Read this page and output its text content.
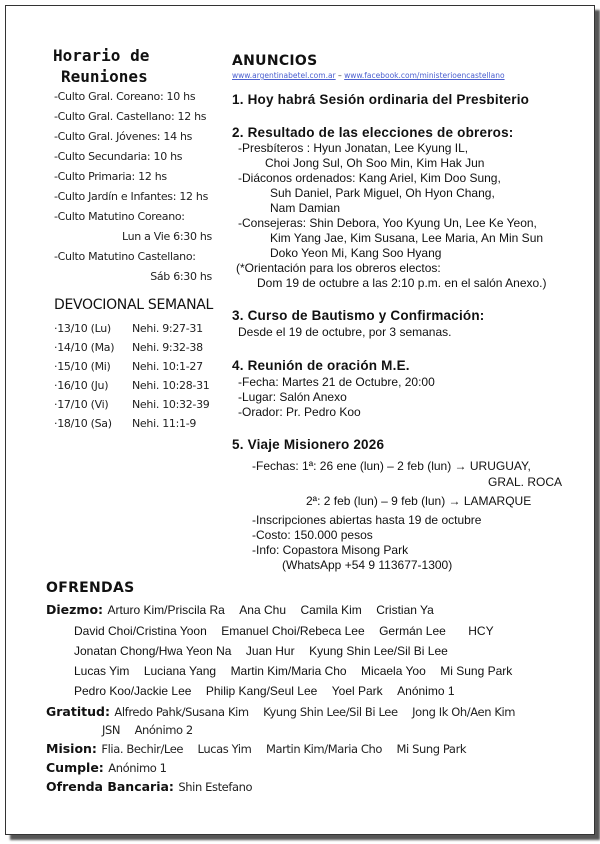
Horario de
Reuniones
-Culto Gral. Coreano: 10 hs
-Culto Gral. Castellano: 12 hs
-Culto Gral. Jóvenes: 14 hs
-Culto Secundaria: 10 hs
-Culto Primaria: 12 hs
-Culto Jardín e Infantes: 12 hs
-Culto Matutino Coreano:
Lun a Vie 6:30 hs
-Culto Matutino Castellano:
Sáb 6:30 hs
DEVOCIONAL SEMANAL
·13/10 (Lu) Nehi. 9:27-31
·14/10 (Ma) Nehi. 9:32-38
·15/10 (Mi) Nehi. 10:1-27
·16/10 (Ju) Nehi. 10:28-31
·17/10 (Vi) Nehi. 10:32-39
·18/10 (Sa) Nehi. 11:1-9
ANUNCIOS
www.argentinabetel.com.ar – www.facebook.com/ministerioencastellano
1. Hoy habrá Sesión ordinaria del Presbiterio
2. Resultado de las elecciones de obreros:
-Presbíteros : Hyun Jonatan, Lee Kyung IL,
Choi Jong Sul, Oh Soo Min, Kim Hak Jun
-Diáconos ordenados: Kang Ariel, Kim Doo Sung,
Suh Daniel, Park Miguel, Oh Hyon Chang,
Nam Damian
-Consejeras: Shin Debora, Yoo Kyung Un, Lee Ke Yeon,
Kim Yang Jae, Kim Susana, Lee Maria, An Min Sun
Doko Yeon Mi, Kang Soo Hyang
(*Orientación para los obreros electos:
Dom 19 de octubre a las 2:10 p.m. en el salón Anexo.)
3. Curso de Bautismo y Confirmación:
Desde el 19 de octubre, por 3 semanas.
4. Reunión de oración M.E.
-Fecha: Martes 21 de Octubre, 20:00
-Lugar: Salón Anexo
-Orador: Pr. Pedro Koo
5. Viaje Misionero 2026
-Fechas: 1ª: 26 ene (lun) – 2 feb (lun) → URUGUAY,
GRAL. ROCA
2ª: 2 feb (lun) – 9 feb (lun) → LAMARQUE
-Inscripciones abiertas hasta 19 de octubre
-Costo: 150.000 pesos
-Info: Copastora Misong Park
(WhatsApp +54 9 113677-1300)
OFRENDAS
Diezmo: Arturo Kim/Priscila Ra Ana Chu Camila Kim Cristian Ya
David Choi/Cristina Yoon Emanuel Choi/Rebeca Lee Germán Lee HCY
Jonatan Chong/Hwa Yeon Na Juan Hur Kyung Shin Lee/Sil Bi Lee
Lucas Yim Luciana Yang Martin Kim/Maria Cho Micaela Yoo Mi Sung Park
Pedro Koo/Jackie Lee Philip Kang/Seul Lee Yoel Park Anónimo 1
Gratitud: Alfredo Pahk/Susana Kim Kyung Shin Lee/Sil Bi Lee Jong Ik Oh/Aen Kim
JSN Anónimo 2
Mision: Flia. Bechir/Lee Lucas Yim Martin Kim/Maria Cho Mi Sung Park
Cumple: Anónimo 1
Ofrenda Bancaria: Shin Estefano
